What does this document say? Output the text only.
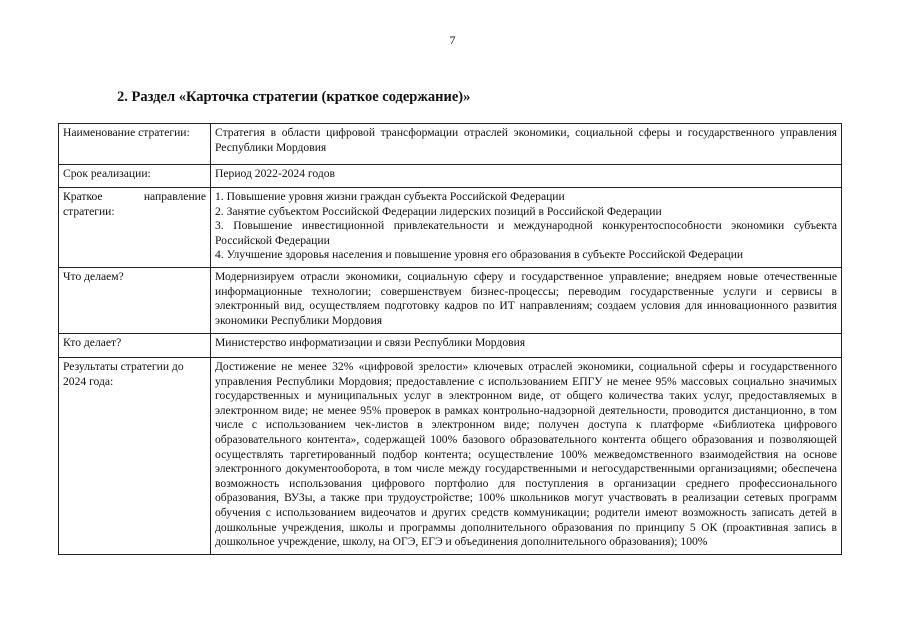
7
2. Раздел «Карточка стратегии (краткое содержание)»
Наименование стратегии:	Стратегия в области цифровой трансформации отраслей экономики, социальной сферы и государственного управления Республики Мордовия
Срок реализации:	Период 2022-2024 годов

Краткое направление
стратегии:	1. Повышение уровня жизни граждан субъекта Российской Федерации
2. Занятие субъектом Российской Федерации лидерских позиций в Российской Федерации
3. Повышение инвестиционной привлекательности и международной конкурентоспособности экономики субъекта Российской Федерации
4. Улучшение здоровья населения и повышение уровня его образования в субъекте Российской Федерации

Что делаем?	Модернизируем отрасли экономики, социальную сферу и государственное управление; внедряем новые отечественные информационные технологии; совершенствуем бизнес-процессы; переводим государственные услуги и сервисы в электронный вид, осуществляем подготовку кадров по ИТ направлениям; создаем условия для инновационного развития экономики Республики Мордовия
Кто делает?	Министерство информатизации и связи Республики Мордовия
Результаты стратегии до 2024 года:	Достижение не менее 32% «цифровой зрелости» ключевых отраслей экономики, социальной сферы и государственного управления Республики Мордовия; предоставление с использованием ЕПГУ не менее 95% массовых социально значимых государственных и муниципальных услуг в электронном виде, от общего количества таких услуг, предоставляемых в электронном виде; не менее 95% проверок в рамках контрольно-надзорной деятельности, проводится дистанционно, в том числе с использованием чек-листов в электронном виде; получен доступа к платформе «Библиотека цифрового образовательного контента», содержащей 100% базового образовательного контента общего образования и позволяющей осуществлять таргетированный подбор контента; осуществление 100% межведомственного взаимодействия на основе электронного документооборота, в том числе между государственными и негосударственными организациями; обеспечена возможность использования цифрового портфолио для поступления в организации среднего профессионального образования, ВУЗы, а также при трудоустройстве; 100% школьников могут участвовать в реализации сетевых программ обучения с использованием видеочатов и других средств коммуникации; родители имеют возможность записать детей в дошкольные учреждения, школы и программы дополнительного образования по принципу 5 ОК (проактивная запись в дошкольное учреждение, школу, на ОГЭ, ЕГЭ и объединения дополнительного образования); 100%
